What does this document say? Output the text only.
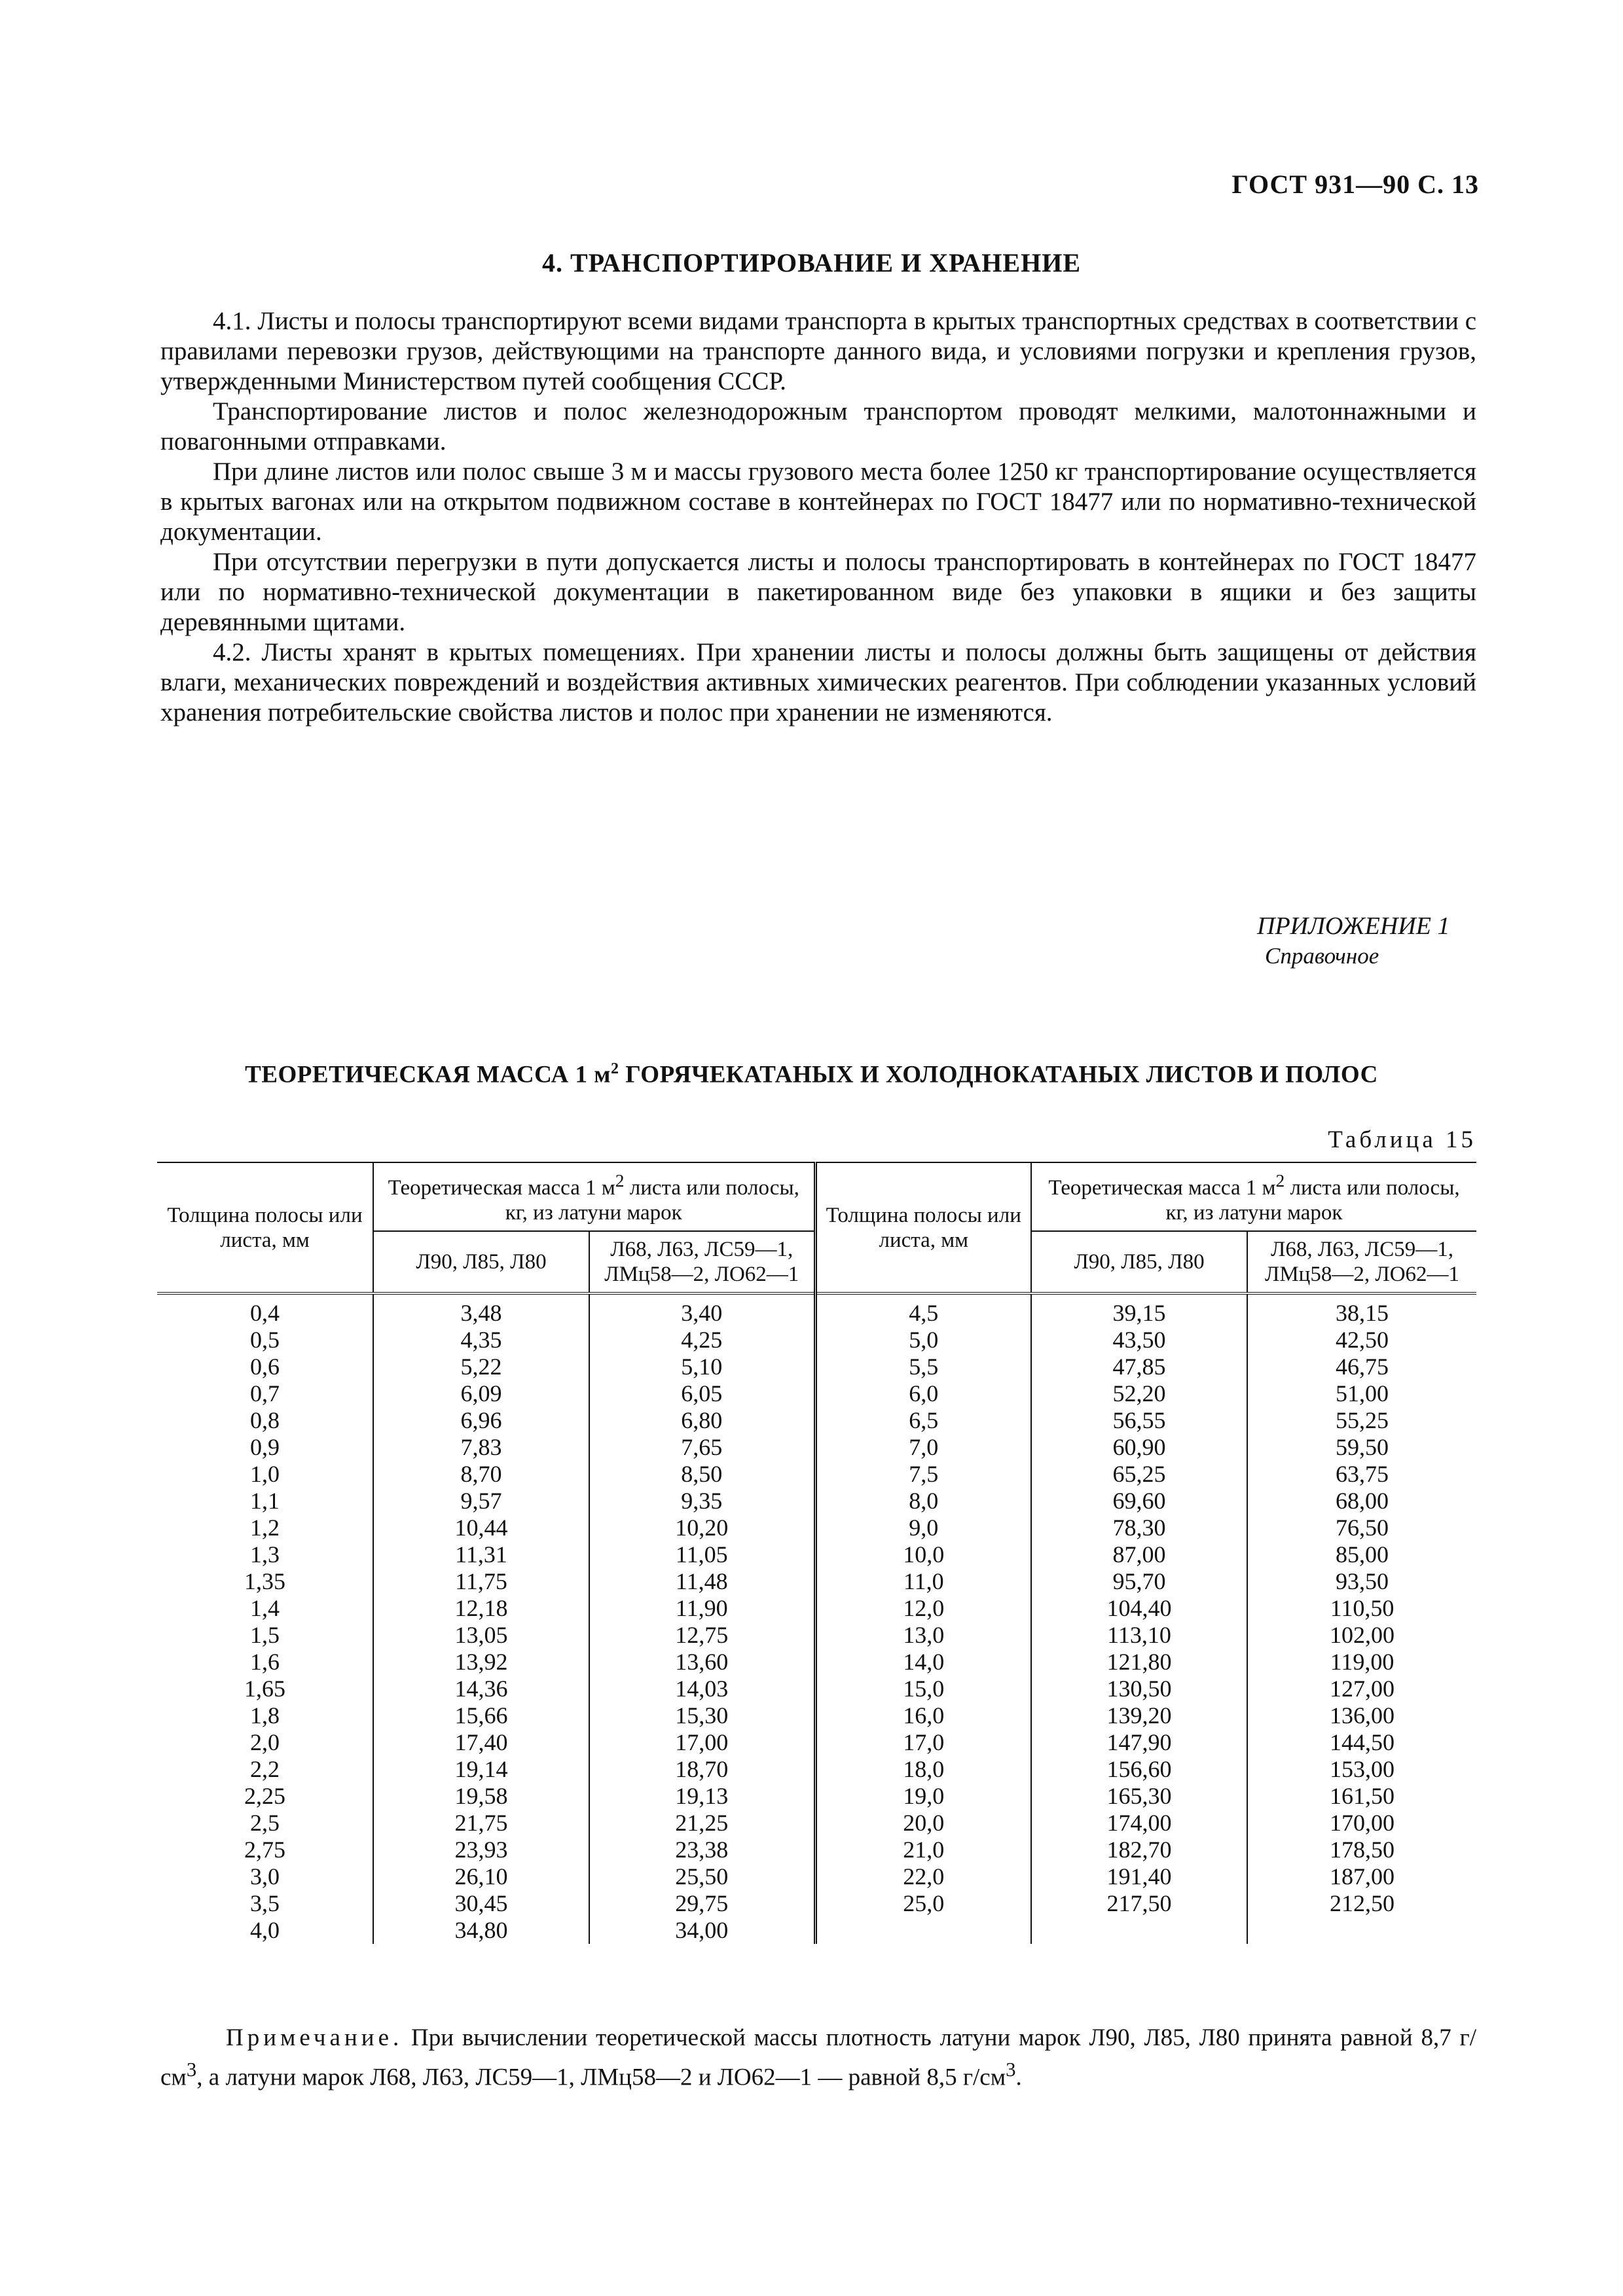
ГОСТ 931—90 С. 13
4. ТРАНСПОРТИРОВАНИЕ И ХРАНЕНИЕ

4.1. Листы и полосы транспортируют всеми видами транспорта в крытых транспортных средствах в соответствии с правилами перевозки грузов, действующими на транспорте данного вида, и условиями погрузки и крепления грузов, утвержденными Министерством путей сообщения СССР.

Транспортирование листов и полос железнодорожным транспортом проводят мелкими, малотоннажными и повагонными отправками.

При длине листов или полос свыше 3 м и массы грузового места более 1250 кг транспортирование осуществляется в крытых вагонах или на открытом подвижном составе в контейнерах по ГОСТ 18477 или по нормативно-технической документации.

При отсутствии перегрузки в пути допускается листы и полосы транспортировать в контейнерах по ГОСТ 18477 или по нормативно-технической документации в пакетированном виде без упаковки в ящики и без защиты деревянными щитами.

4.2. Листы хранят в крытых помещениях. При хранении листы и полосы должны быть защищены от действия влаги, механических повреждений и воздействия активных химических реагентов. При соблюдении указанных условий хранения потребительские свойства листов и полос при хранении не изменяются.

ПРИЛОЖЕНИЕ 1
Справочное
ТЕОРЕТИЧЕСКАЯ МАССА 1 $м^2$ ГОРЯЧЕКАТАНЫХ И ХОЛОДНОКАТАНЫХ ЛИСТОВ И ПОЛОС
Таблица 15
Толщина полосы или листа, мм	Теоретическая масса 1 $м^2$ листа или полосы, кг, из латуни марок		Толщина полосы или листа, мм	Теоретическая масса 1 $м^2$ листа или полосы, кг, из латуни марок	
	Л90, Л85, Л80	Л68, Л63, ЛС59—1, ЛМц58—2, ЛО62—1		Л90, Л85, Л80	Л68, Л63, ЛС59—1, ЛМц58—2, ЛО62—1
0,4	3,48	3,40	4,5	39,15	38,15
0,5	4,35	4,25	5,0	43,50	42,50
0,6	5,22	5,10	5,5	47,85	46,75
0,7	6,09	6,05	6,0	52,20	51,00
0,8	6,96	6,80	6,5	56,55	55,25
0,9	7,83	7,65	7,0	60,90	59,50
1,0	8,70	8,50	7,5	65,25	63,75
1,1	9,57	9,35	8,0	69,60	68,00
1,2	10,44	10,20	9,0	78,30	76,50
1,3	11,31	11,05	10,0	87,00	85,00
1,35	11,75	11,48	11,0	95,70	93,50
1,4	12,18	11,90	12,0	104,40	110,50
1,5	13,05	12,75	13,0	113,10	102,00
1,6	13,92	13,60	14,0	121,80	119,00
1,65	14,36	14,03	15,0	130,50	127,00
1,8	15,66	15,30	16,0	139,20	136,00
2,0	17,40	17,00	17,0	147,90	144,50
2,2	19,14	18,70	18,0	156,60	153,00
2,25	19,58	19,13	19,0	165,30	161,50
2,5	21,75	21,25	20,0	174,00	170,00
2,75	23,93	23,38	21,0	182,70	178,50
3,0	26,10	25,50	22,0	191,40	187,00
3,5	30,45	29,75	25,0	217,50	212,50
4,0	34,80	34,00			
Примечание. При вычислении теоретической массы плотность латуни марок Л90, Л85, Л80 принята равной 8,7 $г/см^3$, а латуни марок Л68, Л63, ЛС59—1, ЛМц58—2 и ЛО62—1 — равной 8,5 $г/см^3$.
